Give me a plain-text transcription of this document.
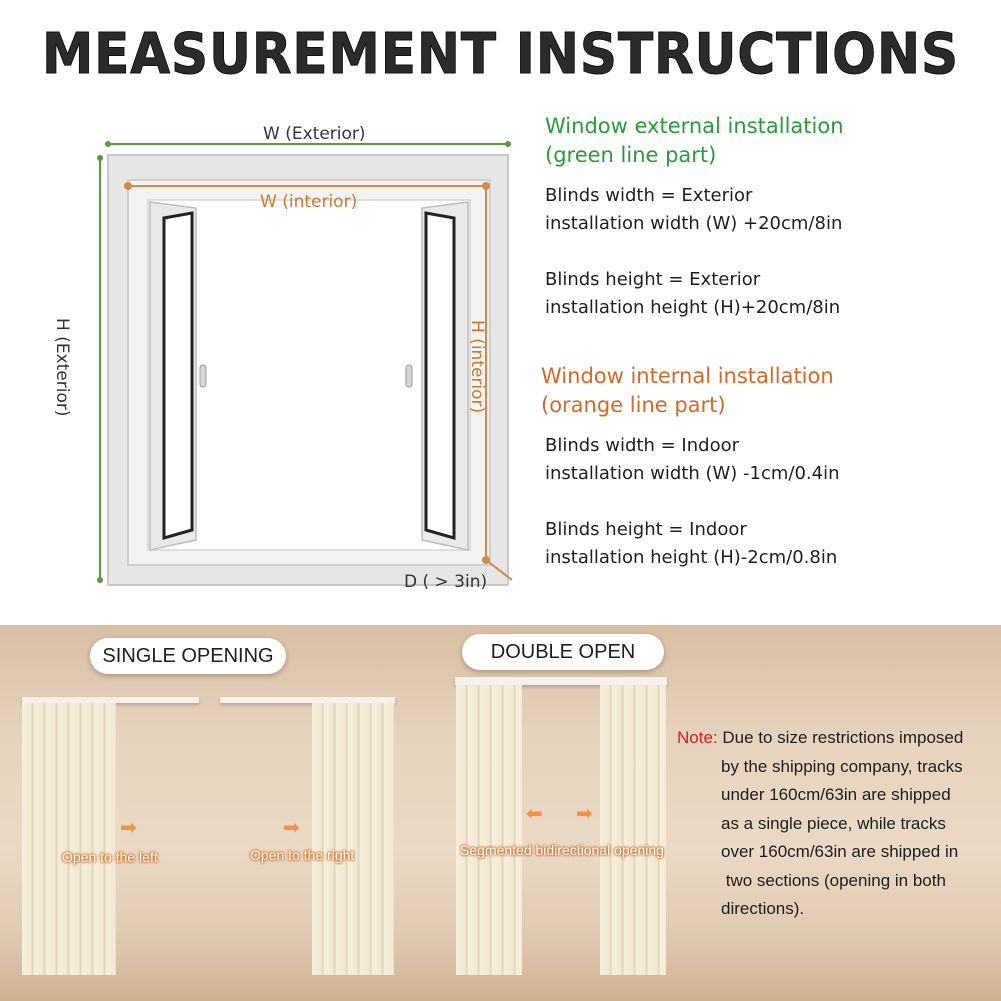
MEASUREMENT INSTRUCTIONS
W (Exterior)
W (interior)
H (Exterior)	H (interior)
D ( > 3in)
Window external installation
(green line part)
Blinds width = Exterior
installation width (W) +20cm/8in
Blinds height = Exterior
installation height (H)+20cm/8in
Window internal installation
(orange line part)
Blinds width = Indoor
installation width (W) -1cm/0.4in
Blinds height = Indoor
installation height (H)-2cm/0.8in
SINGLE OPENING	DOUBLE OPEN
➡	➡
⬅ ➡
Open to the left	Open to the right	Segmented bidirectional opening
Note: Due to size restrictions imposed
by the shipping company, tracks
under 160cm/63in are shipped
as a single piece, while tracks
over 160cm/63in are shipped in
two sections (opening in both
directions).
